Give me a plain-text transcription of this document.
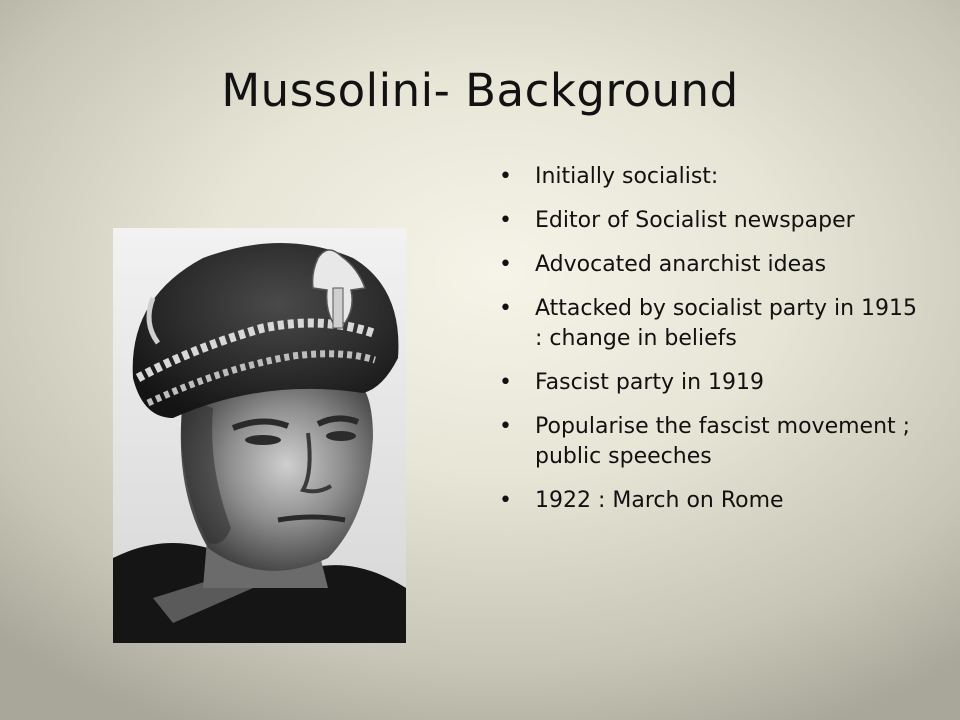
Mussolini- Background
• Initially socialist:
• Editor of Socialist newspaper
• Advocated anarchist ideas
• Attacked by socialist party in 1915 : change in beliefs
• Fascist party in 1919
• Popularise the fascist movement ; public speeches
• 1922 : March on Rome
